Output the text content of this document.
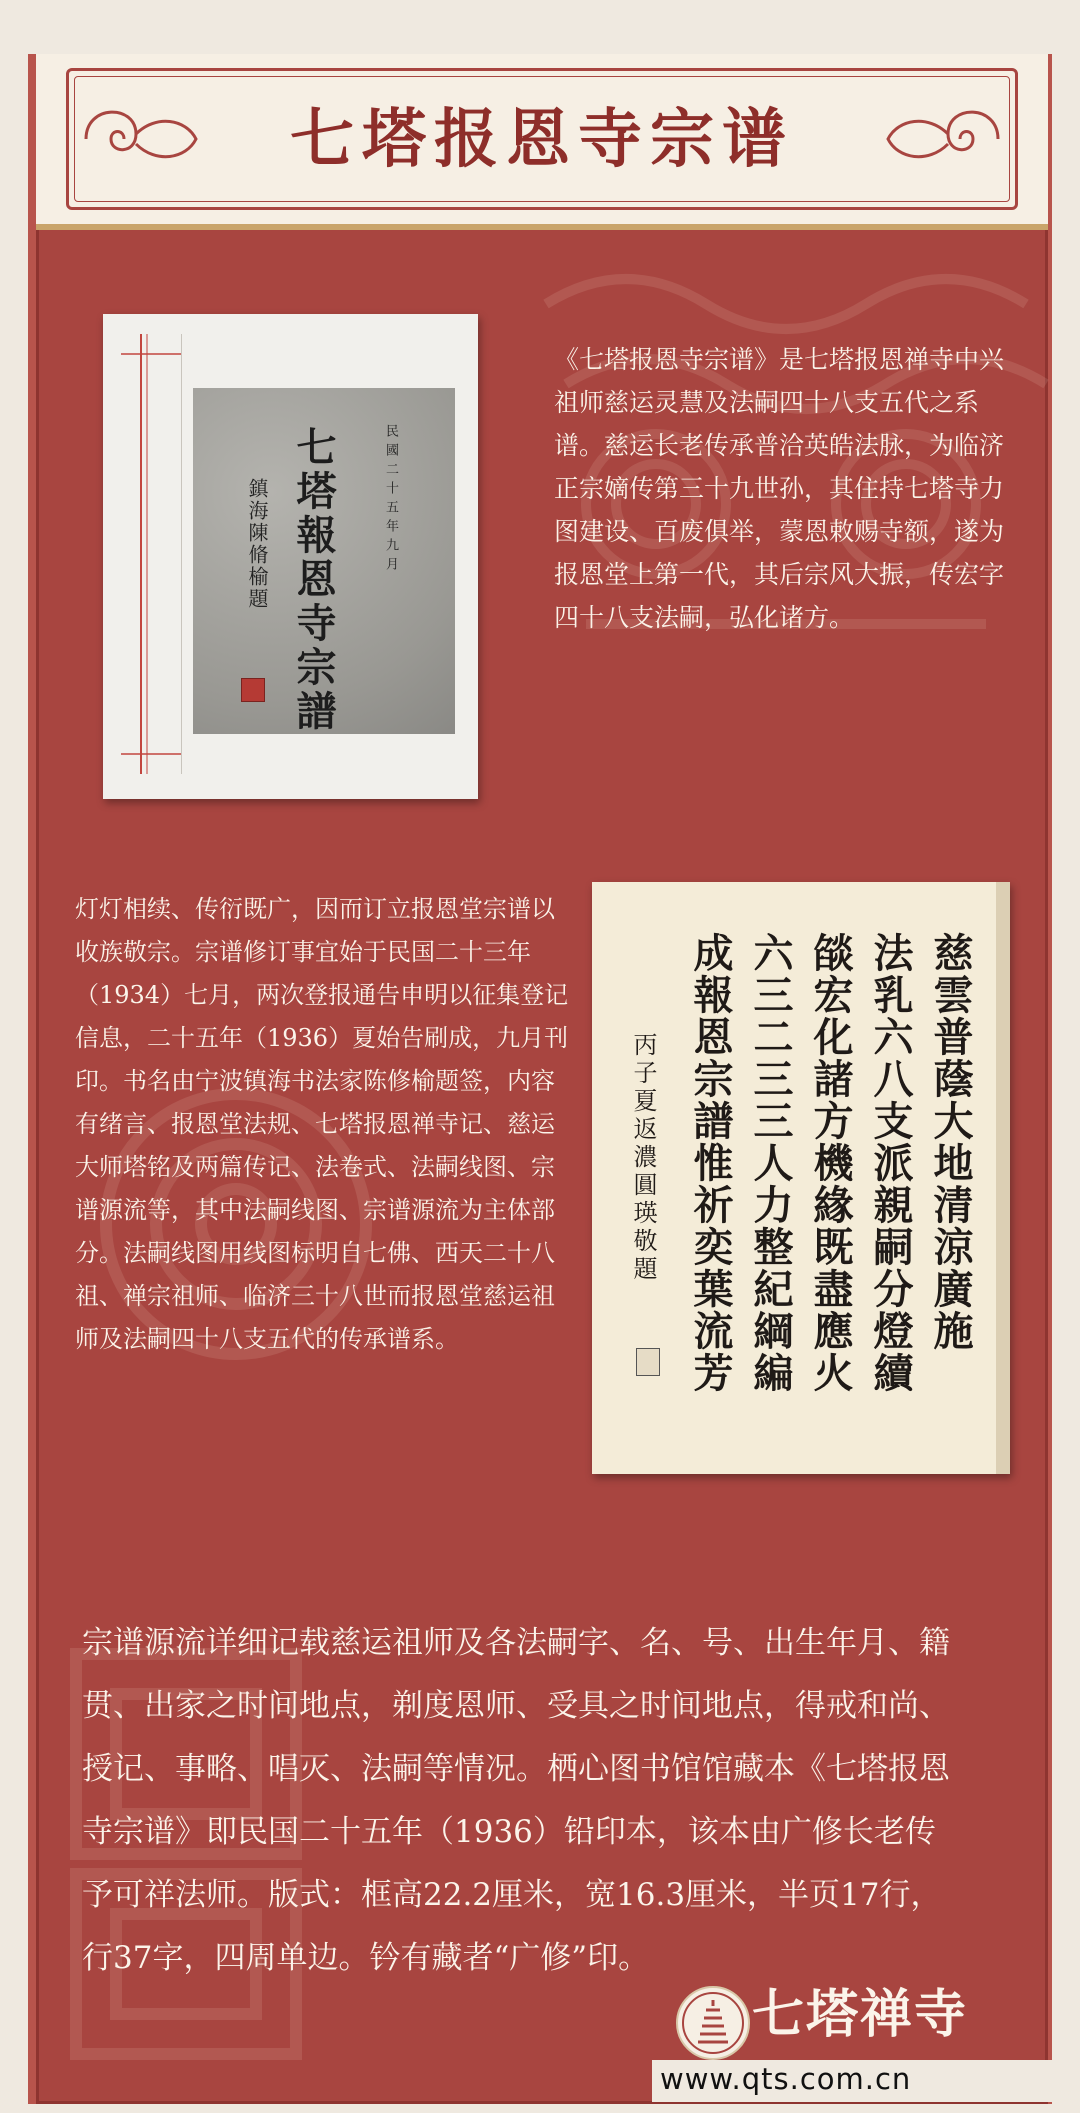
七塔报恩寺宗谱
民國二十五年九月
七塔報恩寺宗譜
鎮海陳脩榆題
《七塔报恩寺宗谱》是七塔报恩禅寺中兴祖师慈运灵慧及法嗣四十八支五代之系谱。慈运长老传承普洽英皓法脉，为临济正宗嫡传第三十九世孙，其住持七塔寺力图建设、百废俱举，蒙恩敕赐寺额，遂为报恩堂上第一代，其后宗风大振，传宏字四十八支法嗣，弘化诸方。
灯灯相续、传衍既广，因而订立报恩堂宗谱以收族敬宗。宗谱修订事宜始于民国二十三年（1934）七月，两次登报通告申明以征集登记信息，二十五年（1936）夏始告刷成，九月刊印。书名由宁波镇海书法家陈修榆题签，内容有绪言、报恩堂法规、七塔报恩禅寺记、慈运大师塔铭及两篇传记、法卷式、法嗣线图、宗谱源流等，其中法嗣线图、宗谱源流为主体部分。法嗣线图用线图标明自七佛、西天二十八祖、禅宗祖师、临济三十八世而报恩堂慈运祖师及法嗣四十八支五代的传承谱系。	慈雲普蔭大地清涼廣施
法乳六八支派親嗣分燈續
燄宏化諸方機緣既盡應火
六三二三三人力整紀綱編
成報恩宗譜惟祈奕葉流芳
丙子夏返濃圓瑛敬題
宗谱源流详细记载慈运祖师及各法嗣字、名、号、出生年月、籍贯、出家之时间地点，剃度恩师、受具之时间地点，得戒和尚、授记、事略、唱灭、法嗣等情况。栖心图书馆馆藏本《七塔报恩寺宗谱》即民国二十五年（1936）铅印本，该本由广修长老传予可祥法师。版式：框高22.2厘米，宽16.3厘米，半页17行，行37字，四周单边。钤有藏者“广修”印。
七塔禅寺
www.qts.com.cn
